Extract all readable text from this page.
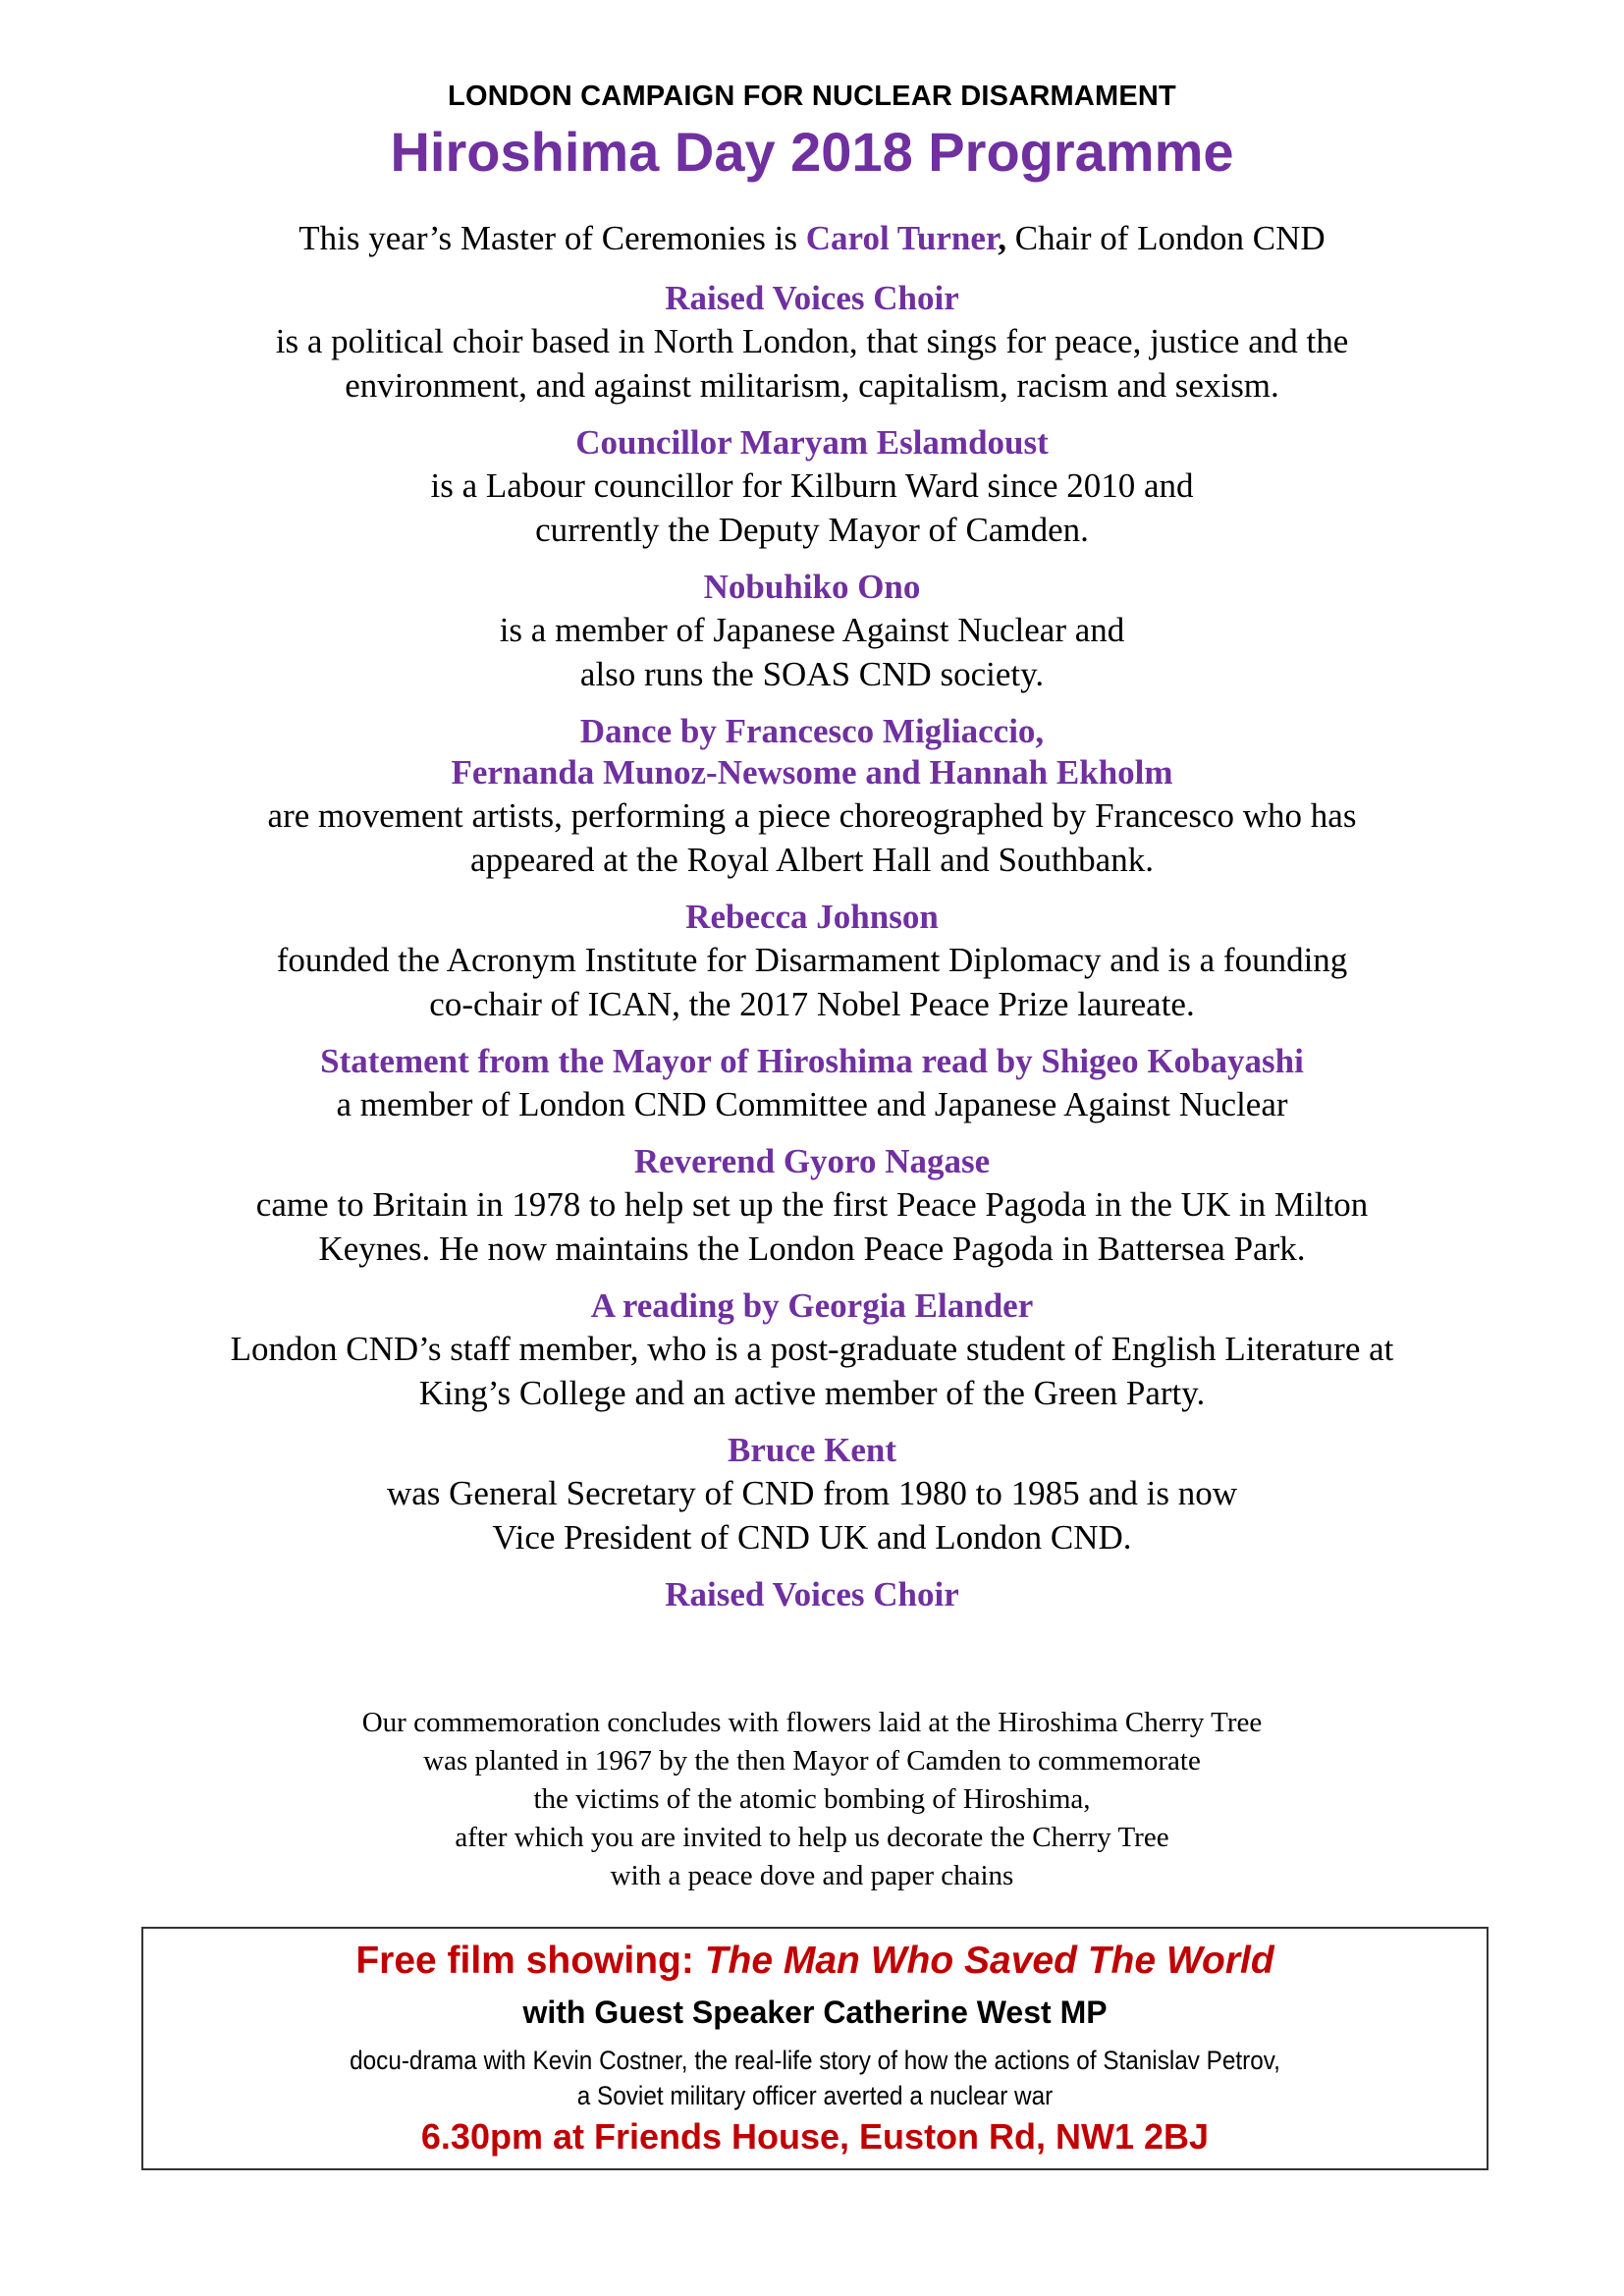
LONDON CAMPAIGN FOR NUCLEAR DISARMAMENT
Hiroshima Day 2018 Programme
This year’s Master of Ceremonies is Carol Turner, Chair of London CND
Raised Voices Choir
is a political choir based in North London, that sings for peace, justice and the
environment, and against militarism, capitalism, racism and sexism.
Councillor Maryam Eslamdoust
is a Labour councillor for Kilburn Ward since 2010 and
currently the Deputy Mayor of Camden.
Nobuhiko Ono
is a member of Japanese Against Nuclear and
also runs the SOAS CND society.
Dance by Francesco Migliaccio,
Fernanda Munoz-Newsome and Hannah Ekholm
are movement artists, performing a piece choreographed by Francesco who has
appeared at the Royal Albert Hall and Southbank.
Rebecca Johnson
founded the Acronym Institute for Disarmament Diplomacy and is a founding
co-chair of ICAN, the 2017 Nobel Peace Prize laureate.
Statement from the Mayor of Hiroshima read by Shigeo Kobayashi
a member of London CND Committee and Japanese Against Nuclear
Reverend Gyoro Nagase
came to Britain in 1978 to help set up the first Peace Pagoda in the UK in Milton
Keynes. He now maintains the London Peace Pagoda in Battersea Park.
A reading by Georgia Elander
London CND’s staff member, who is a post-graduate student of English Literature at
King’s College and an active member of the Green Party.
Bruce Kent
was General Secretary of CND from 1980 to 1985 and is now
Vice President of CND UK and London CND.
Raised Voices Choir
Our commemoration concludes with flowers laid at the Hiroshima Cherry Tree
was planted in 1967 by the then Mayor of Camden to commemorate
the victims of the atomic bombing of Hiroshima,
after which you are invited to help us decorate the Cherry Tree
with a peace dove and paper chains
Free film showing: The Man Who Saved The World
with Guest Speaker Catherine West MP
docu-drama with Kevin Costner, the real-life story of how the actions of Stanislav Petrov,
a Soviet military officer averted a nuclear war
6.30pm at Friends House, Euston Rd, NW1 2BJ
